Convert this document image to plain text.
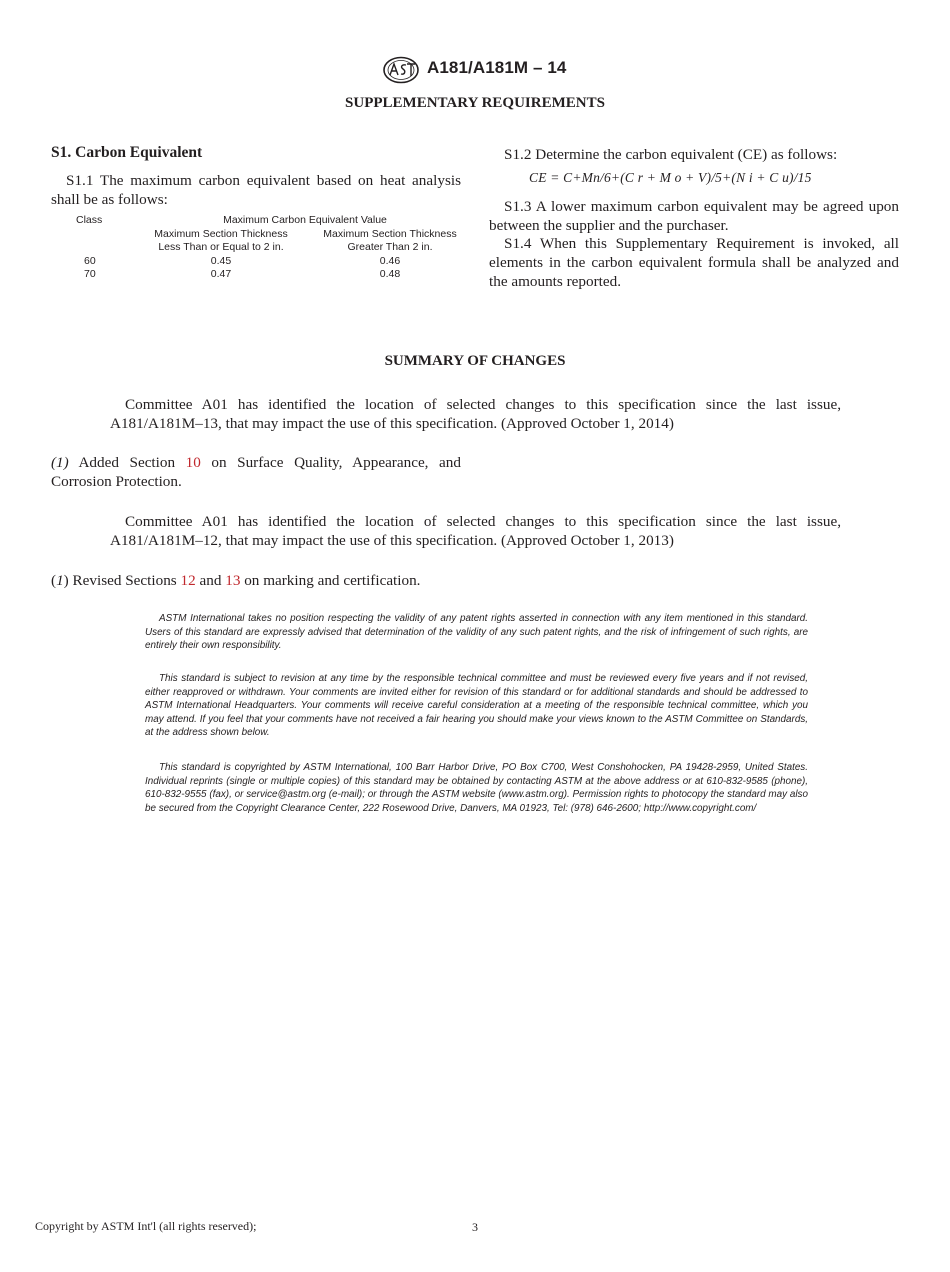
A181/A181M – 14
SUPPLEMENTARY REQUIREMENTS
S1. Carbon Equivalent
S1.1 The maximum carbon equivalent based on heat analysis shall be as follows:
Class	Maximum Carbon Equivalent Value	
	Maximum Section Thickness	Maximum Section Thickness
	Less Than or Equal to 2 in.	Greater Than 2 in.
60	0.45	0.46
70	0.47	0.48
S1.2 Determine the carbon equivalent (CE) as follows:
CE = C+Mn/6+(C r + M o + V)/5+(N i + C u)/15
S1.3 A lower maximum carbon equivalent may be agreed upon between the supplier and the purchaser.
S1.4 When this Supplementary Requirement is invoked, all elements in the carbon equivalent formula shall be analyzed and the amounts reported.
SUMMARY OF CHANGES
Committee A01 has identified the location of selected changes to this specification since the last issue, A181/A181M–13, that may impact the use of this specification. (Approved October 1, 2014)
(1) Added Section 10 on Surface Quality, Appearance, and Corrosion Protection.
Committee A01 has identified the location of selected changes to this specification since the last issue, A181/A181M–12, that may impact the use of this specification. (Approved October 1, 2013)
(1) Revised Sections 12 and 13 on marking and certification.
ASTM International takes no position respecting the validity of any patent rights asserted in connection with any item mentioned in this standard. Users of this standard are expressly advised that determination of the validity of any such patent rights, and the risk of infringement of such rights, are entirely their own responsibility.
This standard is subject to revision at any time by the responsible technical committee and must be reviewed every five years and if not revised, either reapproved or withdrawn. Your comments are invited either for revision of this standard or for additional standards and should be addressed to ASTM International Headquarters. Your comments will receive careful consideration at a meeting of the responsible technical committee, which you may attend. If you feel that your comments have not received a fair hearing you should make your views known to the ASTM Committee on Standards, at the address shown below.
This standard is copyrighted by ASTM International, 100 Barr Harbor Drive, PO Box C700, West Conshohocken, PA 19428-2959, United States. Individual reprints (single or multiple copies) of this standard may be obtained by contacting ASTM at the above address or at 610-832-9585 (phone), 610-832-9555 (fax), or service@astm.org (e-mail); or through the ASTM website (www.astm.org). Permission rights to photocopy the standard may also be secured from the Copyright Clearance Center, 222 Rosewood Drive, Danvers, MA 01923, Tel: (978) 646-2600; http://www.copyright.com/
Copyright by ASTM Int'l (all rights reserved);	3
